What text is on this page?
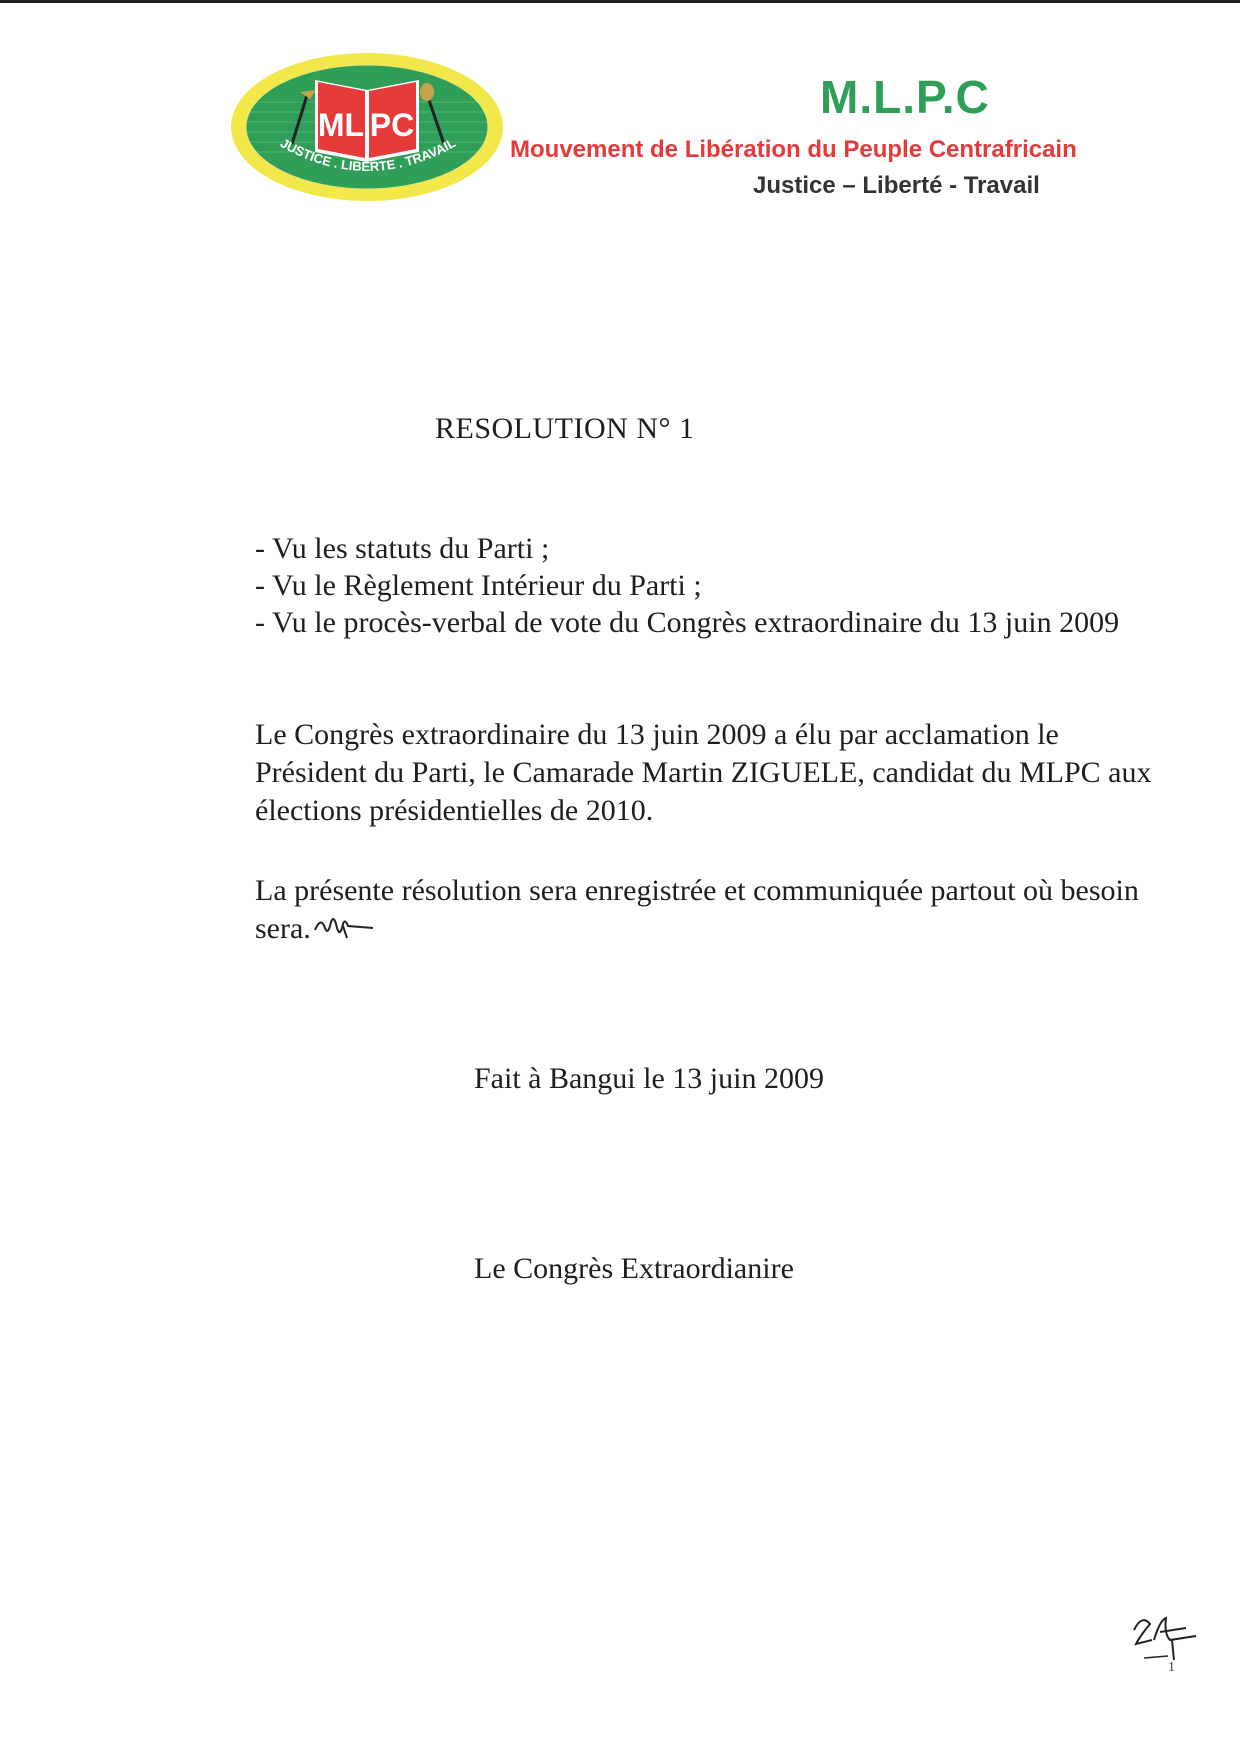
ML PC
JUSTICE . LIBERTE . TRAVAIL
M.L.P.C
Mouvement de Libération du Peuple Centrafricain
Justice – Liberté - Travail
RESOLUTION N° 1
- Vu les statuts du Parti ;
- Vu le Règlement Intérieur du Parti ;
- Vu le procès-verbal de vote du Congrès extraordinaire du 13 juin 2009

Le Congrès extraordinaire du 13 juin 2009 a élu par acclamation le Président du Parti, le Camarade Martin ZIGUELE, candidat du MLPC aux élections présidentielles de 2010.

La présente résolution sera enregistrée et communiquée partout où besoin sera.

Fait à Bangui le 13 juin 2009
Le Congrès Extraordianire
1
